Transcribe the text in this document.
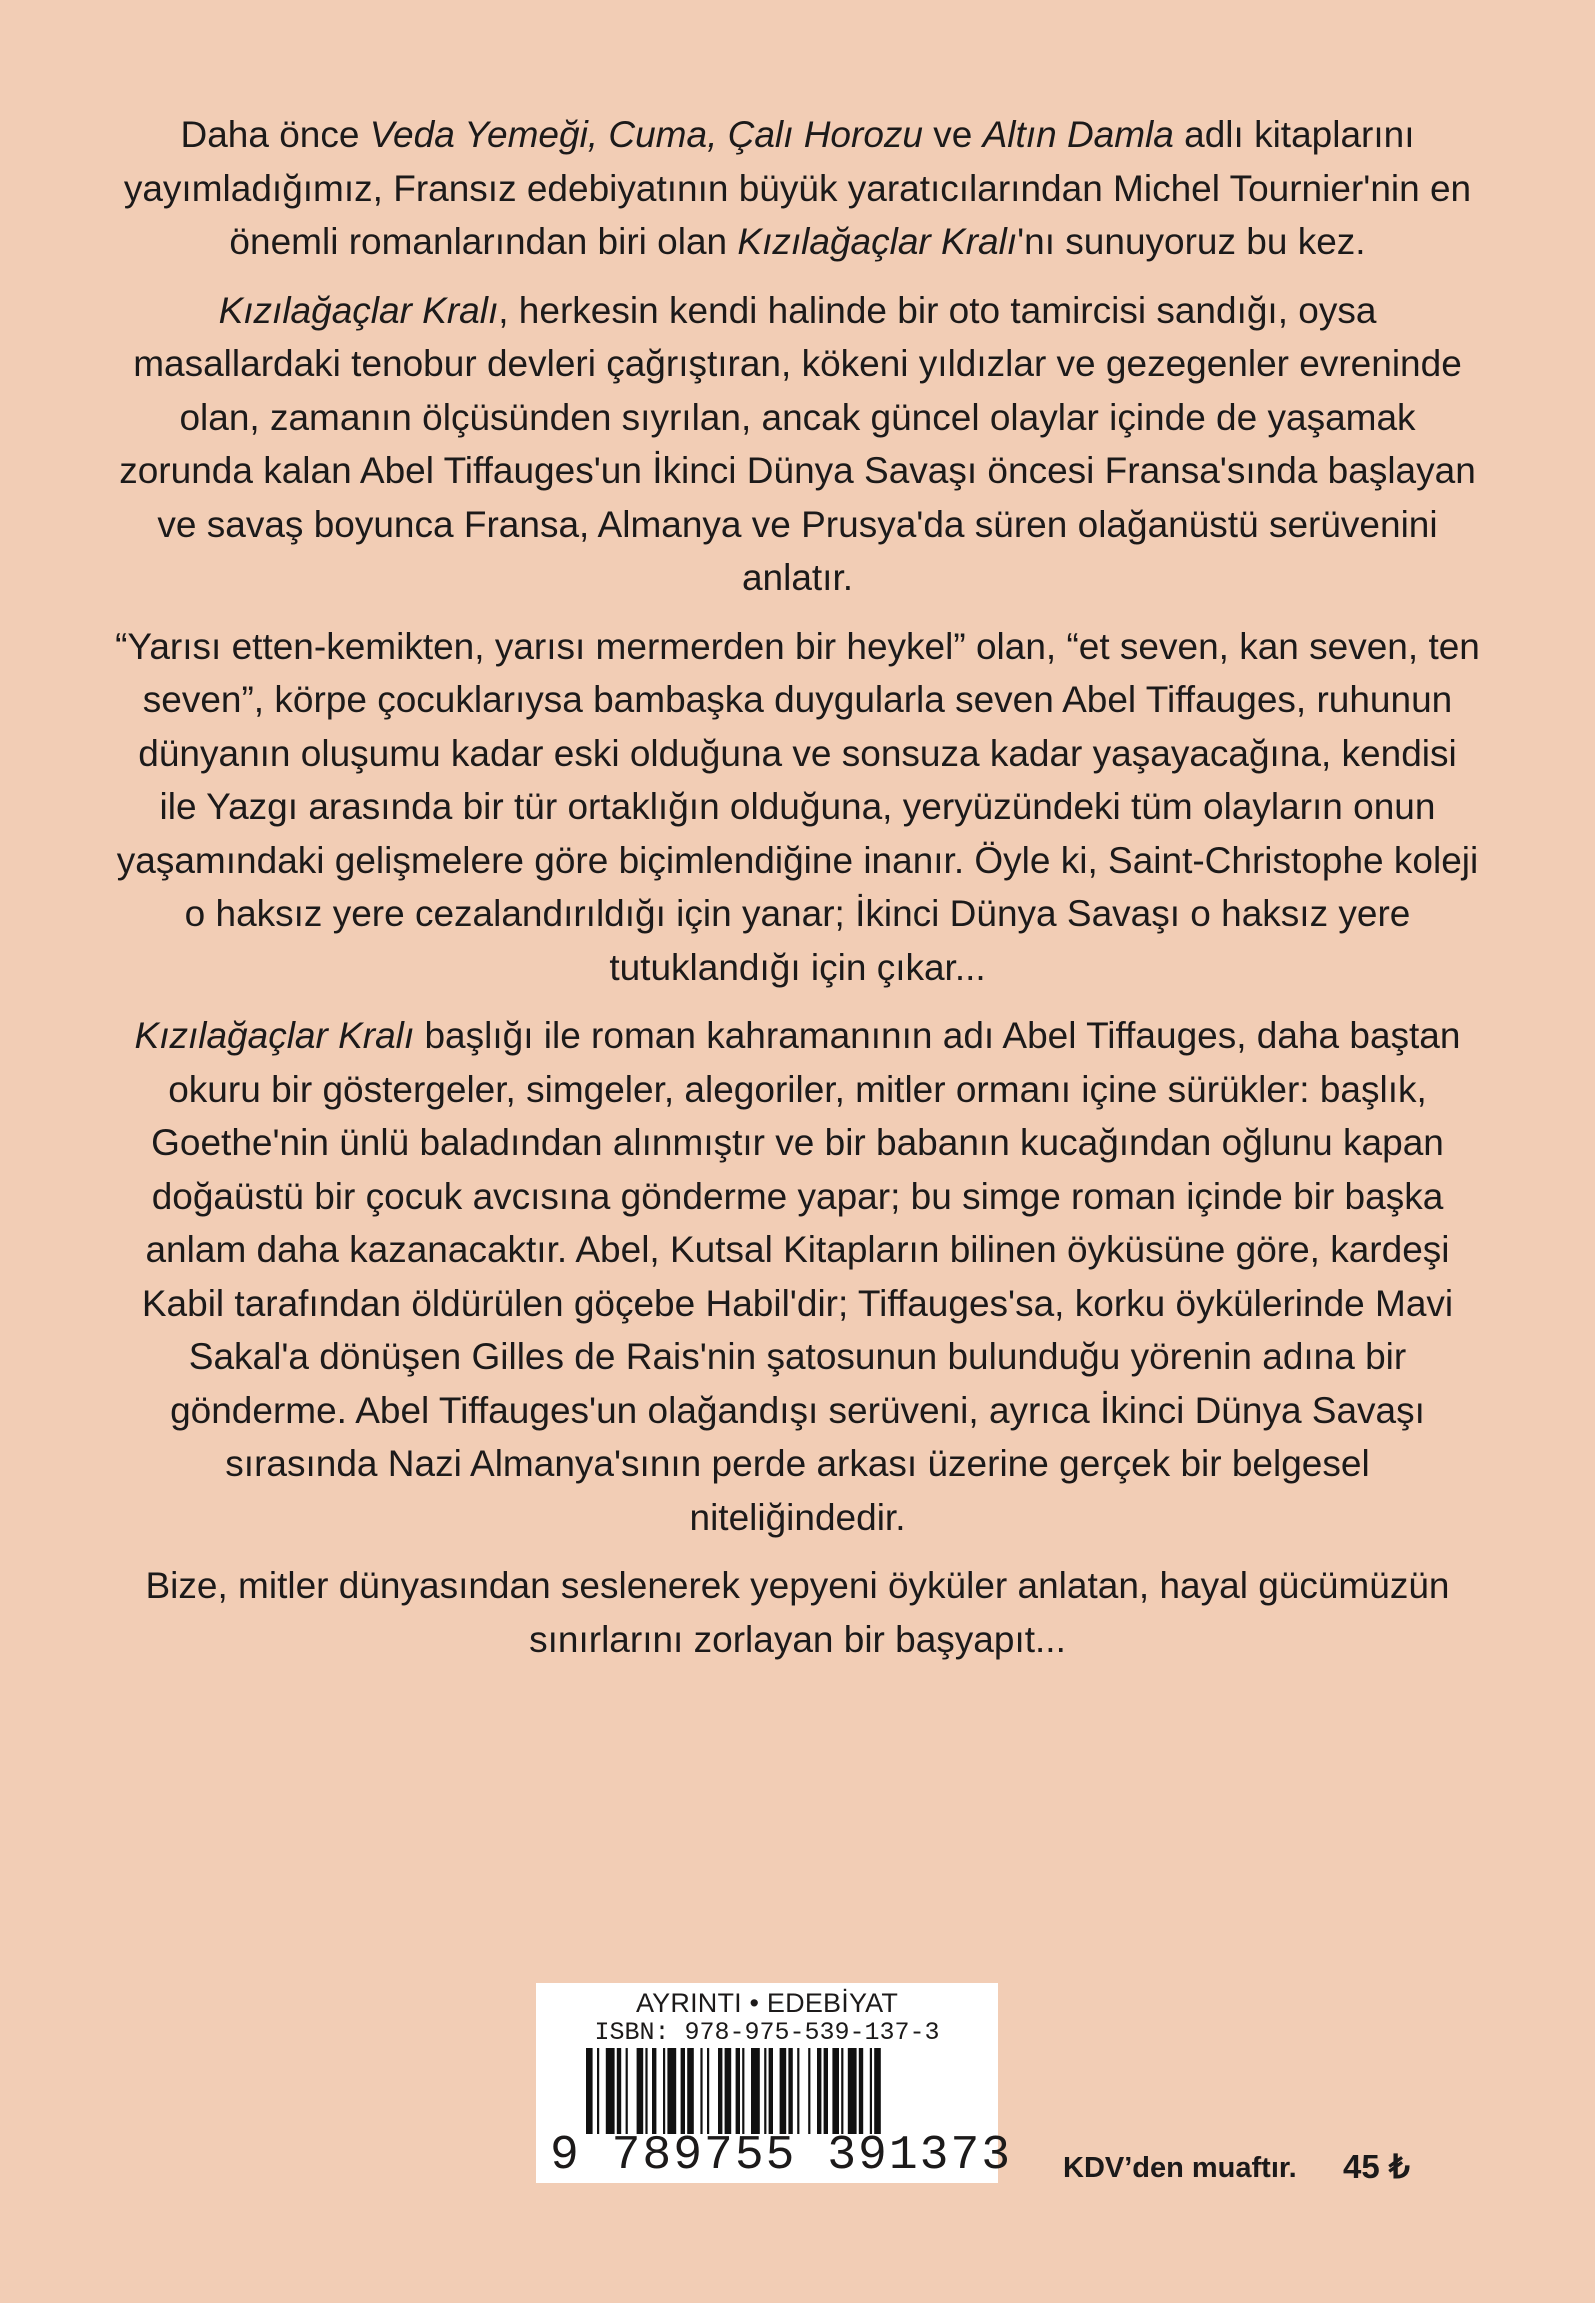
Daha önce Veda Yemeği, Cuma, Çalı Horozu ve Altın Damla adlı kitaplarını yayımladığımız, Fransız edebiyatının büyük yaratıcılarından Michel Tournier'nin en önemli romanlarından biri olan Kızılağaçlar Kralı'nı sunuyoruz bu kez.

Kızılağaçlar Kralı, herkesin kendi halinde bir oto tamircisi sandığı, oysa masallardaki tenobur devleri çağrıştıran, kökeni yıldızlar ve gezegenler evreninde olan, zamanın ölçüsünden sıyrılan, ancak güncel olaylar içinde de yaşamak zorunda kalan Abel Tiffauges'un İkinci Dünya Savaşı öncesi Fransa'sında başlayan ve savaş boyunca Fransa, Almanya ve Prusya'da süren olağanüstü serüvenini anlatır.

“Yarısı etten-kemikten, yarısı mermerden bir heykel” olan, “et seven, kan seven, ten seven”, körpe çocuklarıysa bambaşka duygularla seven Abel Tiffauges, ruhunun dünyanın oluşumu kadar eski olduğuna ve sonsuza kadar yaşayacağına, kendisi ile Yazgı arasında bir tür ortaklığın olduğuna, yeryüzündeki tüm olayların onun yaşamındaki gelişmelere göre biçimlendiğine inanır. Öyle ki, Saint-Christophe koleji o haksız yere cezalandırıldığı için yanar; İkinci Dünya Savaşı o haksız yere tutuklandığı için çıkar...

Kızılağaçlar Kralı başlığı ile roman kahramanının adı Abel Tiffauges, daha baştan okuru bir göstergeler, simgeler, alegoriler, mitler ormanı içine sürükler: başlık, Goethe'nin ünlü baladından alınmıştır ve bir babanın kucağından oğlunu kapan doğaüstü bir çocuk avcısına gönderme yapar; bu simge roman içinde bir başka anlam daha kazanacaktır. Abel, Kutsal Kitapların bilinen öyküsüne göre, kardeşi Kabil tarafından öldürülen göçebe Habil'dir; Tiffauges'sa, korku öykülerinde Mavi Sakal'a dönüşen Gilles de Rais'nin şatosunun bulunduğu yörenin adına bir gönderme. Abel Tiffauges'un olağandışı serüveni, ayrıca İkinci Dünya Savaşı sırasında Nazi Almanya'sının perde arkası üzerine gerçek bir belgesel niteliğindedir.

Bize, mitler dünyasından seslenerek yepyeni öyküler anlatan, hayal gücümüzün sınırlarını zorlayan bir başyapıt...

AYRINTI • EDEBİYAT
ISBN: 978-975-539-137-3
9 789755 391373 KDV’den muaftır. 45 ₺
